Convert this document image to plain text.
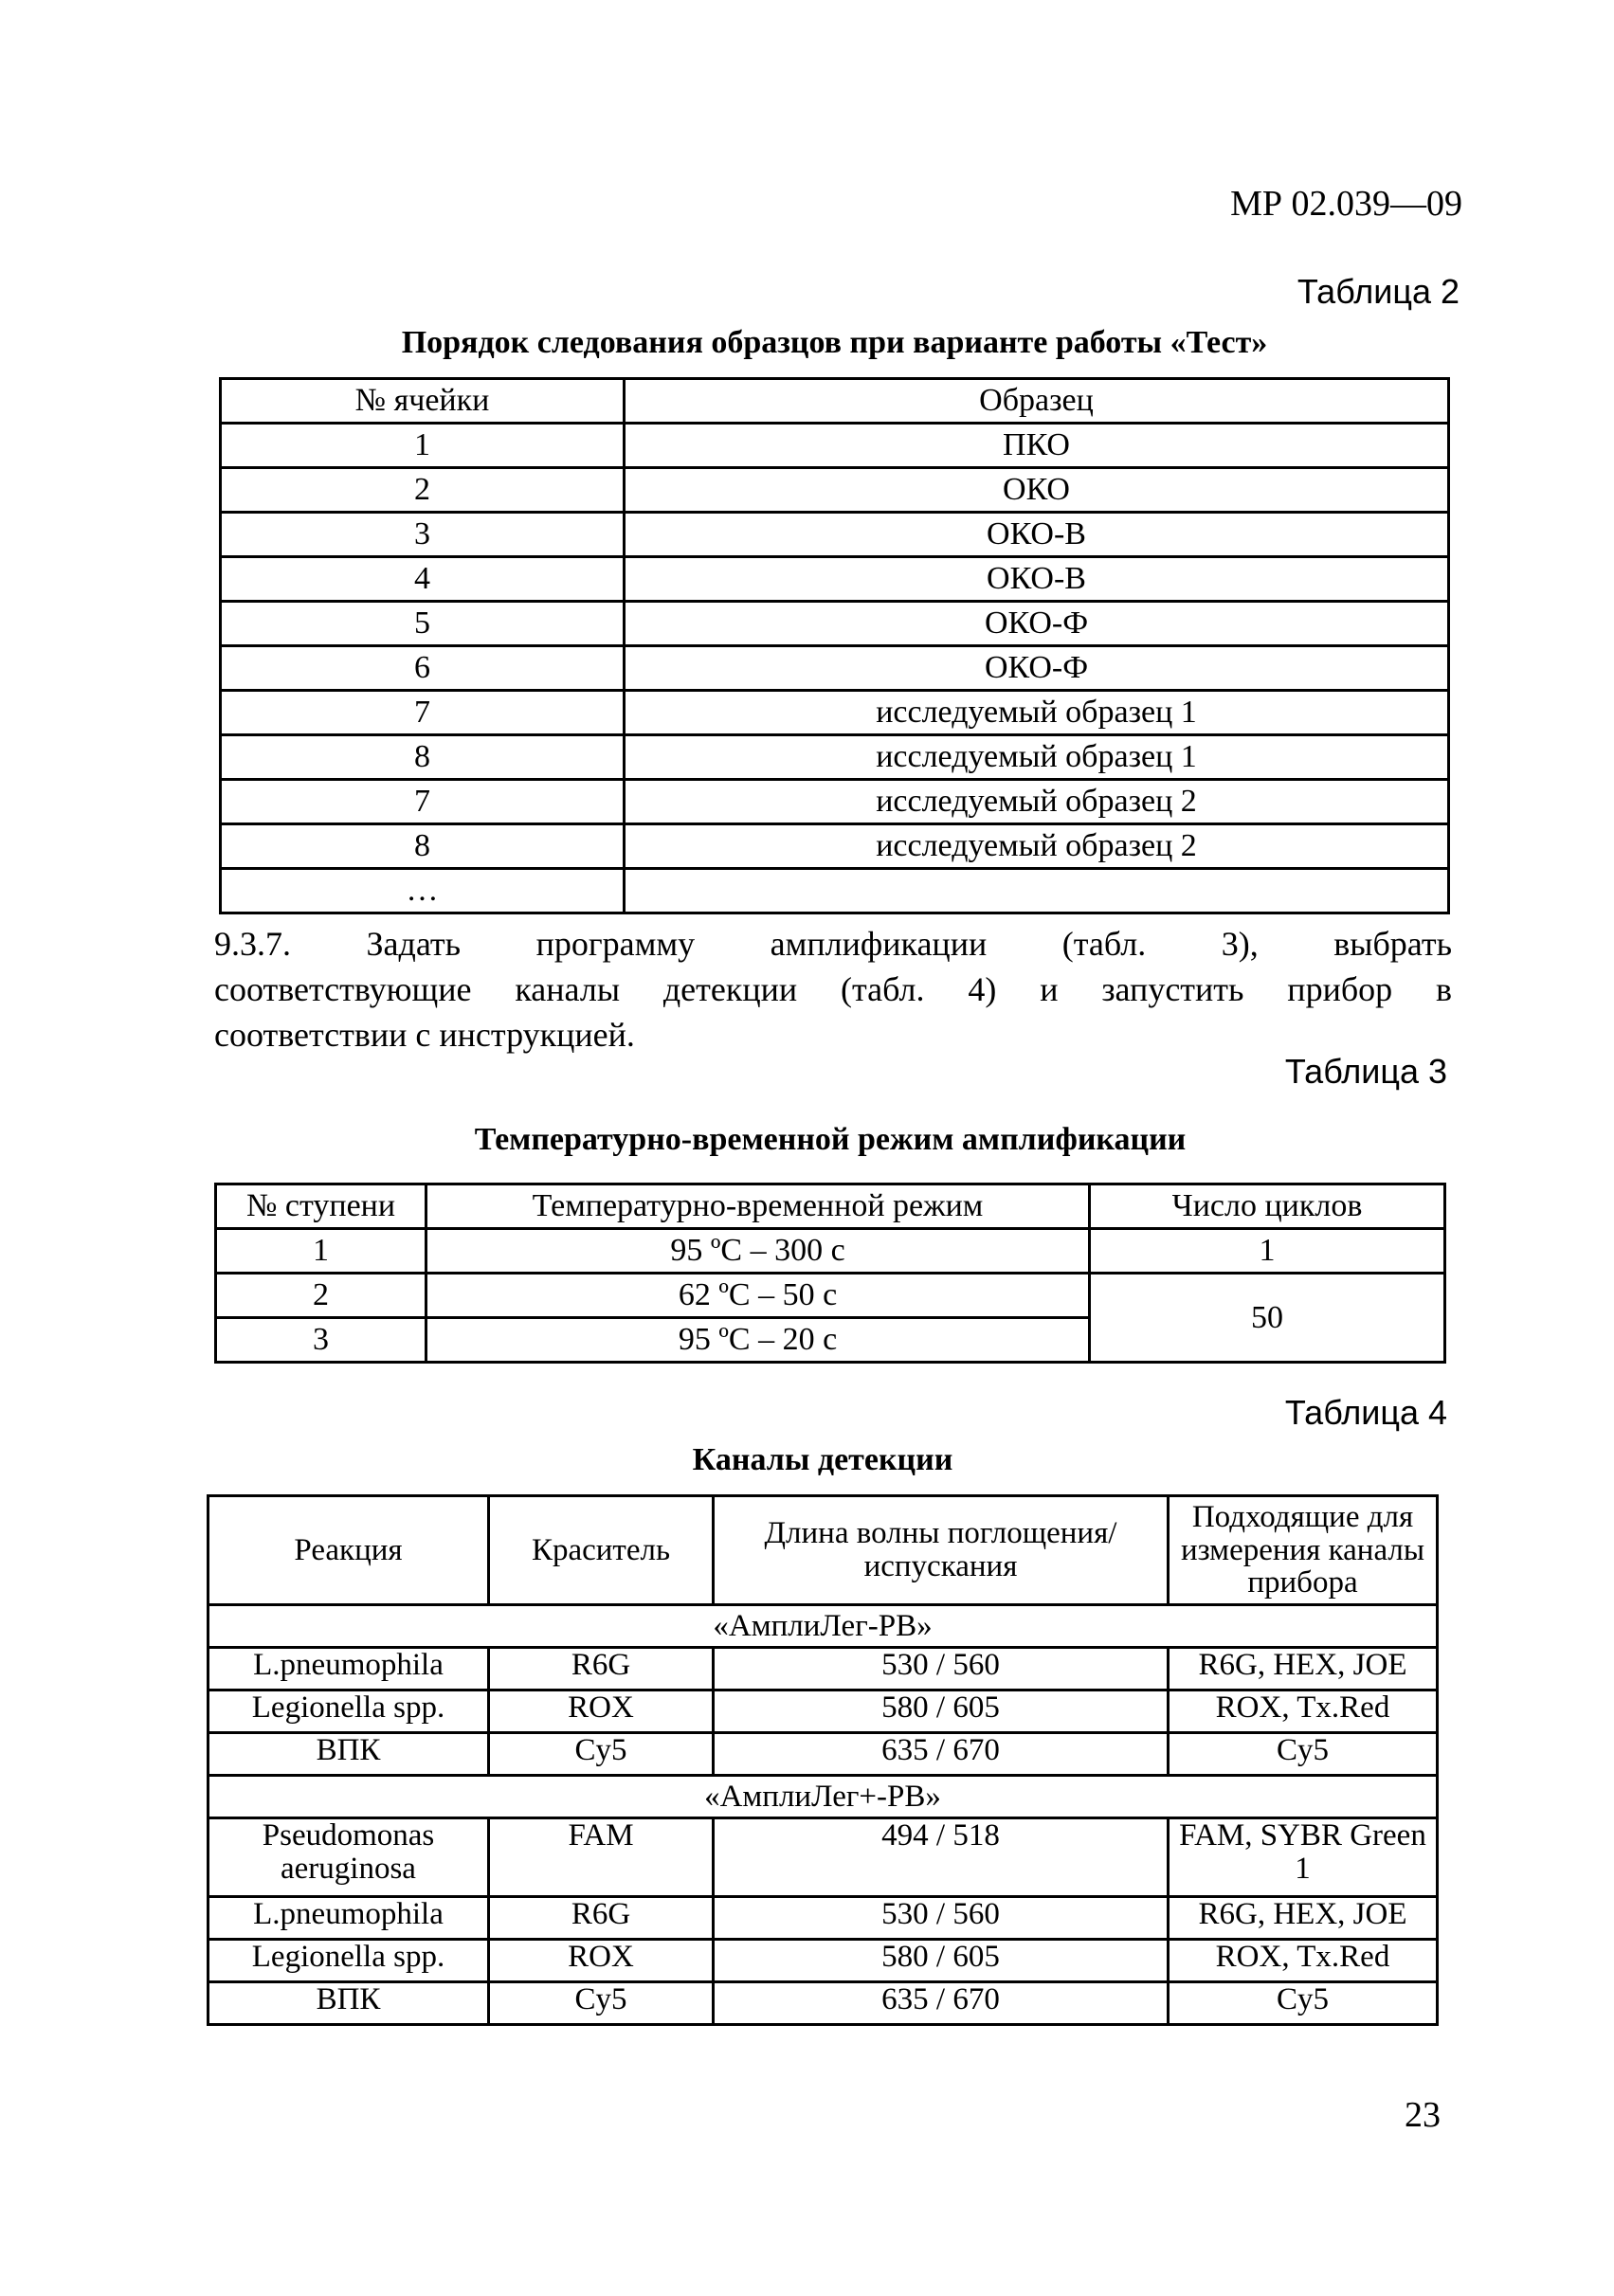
МР 02.039—09
Таблица 2
Порядок следования образцов при варианте работы «Тест»
№ ячейки	Образец
1	ПКО
2	ОКО
3	ОКО-В
4	ОКО-В
5	ОКО-Ф
6	ОКО-Ф
7	исследуемый образец 1
8	исследуемый образец 1
7	исследуемый образец 2
8	исследуемый образец 2
…	
9.3.7. Задать программу амплификации (табл. 3), выбрать
соответствующие каналы детекции (табл. 4) и запустить прибор в
соответствии с инструкцией.
Таблица 3
Температурно-временной режим амплификации
№ ступени	Температурно-временной режим	Число циклов
1	95 ºС – 300 с	1
2	62 ºС – 50 с	50
3	95 ºС – 20 с	
Таблица 4
Каналы детекции
Реакция	Краситель	Длина волны поглощения/испускания	Подходящие для измерения каналы прибора
«АмплиЛег-РВ»			
L.pneumophila	R6G	530 / 560	R6G, HEX, JOE
Legionella spp.	ROX	580 / 605	ROX, Tx.Red
ВПК	Cy5	635 / 670	Cy5
«АмплиЛег+-РВ»			
Pseudomonas aeruginosa	FAM	494 / 518	FAM, SYBR Green 1
L.pneumophila	R6G	530 / 560	R6G, HEX, JOE
Legionella spp.	ROX	580 / 605	ROX, Tx.Red
ВПК	Cy5	635 / 670	Cy5
23
